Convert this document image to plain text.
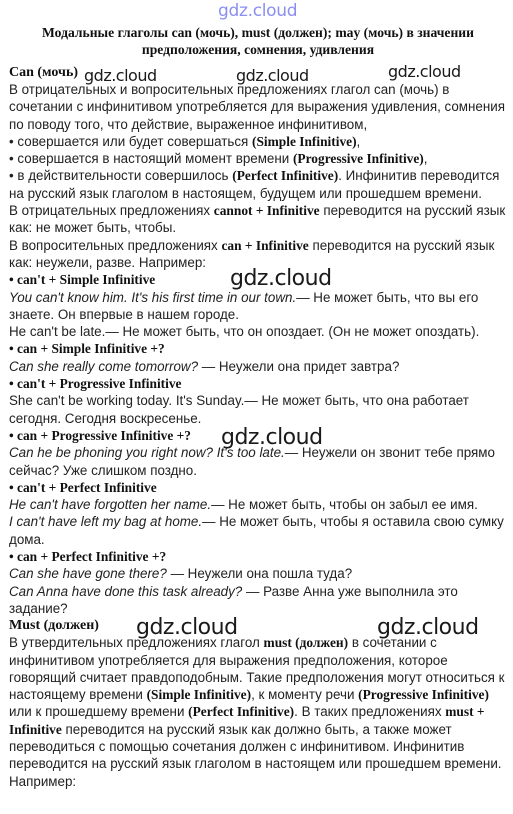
gdz.cloud
Модальные глаголы can (мочь), must (должен); may (мочь) в значении предположения, сомнения, удивления
Can (мочь)

В отрицательных и вопросительных предложениях глагол can (мочь) в сочетании с инфинитивом употребляется для выражения удивления, сомнения по поводу того, что действие, выраженное инфинитивом,

• совершается или будет совершаться (Simple Infinitive),

• совершается в настоящий момент времени (Progressive Infinitive),

• в действительности совершилось (Perfect Infinitive). Инфинитив переводится на русский язык глаголом в настоящем, будущем или прошедшем времени.

В отрицательных предложениях cannot + Infinitive переводится на русский язык как: не может быть, чтобы.

В вопросительных предложениях can + Infinitive переводится на русский язык как: неужели, разве. Например:

• can't + Simple Infinitive

You can't know him. It's his first time in our town.— Не может быть, что вы его знаете. Он впервые в нашем городе.

He can't be late.— Не может быть, что он опоздает. (Он не может опоздать).

• can + Simple Infinitive +?

Can she really come tomorrow? — Неужели она придет завтра?

• can't + Progressive Infinitive

She can't be working today. It's Sunday.— Не может быть, что она работает сегодня. Сегодня воскресенье.

• can + Progressive Infinitive +?

Can he be phoning you right now? It's too late.— Неужели он звонит тебе прямо сейчас? Уже слишком поздно.

• can't + Perfect Infinitive

He can't have forgotten her name.— Не может быть, чтобы он забыл ее имя.

I can't have left my bag at home.— Не может быть, чтобы я оставила свою сумку дома.

• can + Perfect Infinitive +?

Can she have gone there? — Неужели она пошла туда?

Can Anna have done this task already? — Разве Анна уже выполнила это задание?

Must (должен)

В утвердительных предложениях глагол must (должен) в сочетании с инфинитивом употребляется для выражения предположения, которое говорящий считает правдоподобным. Такие предположения могут относиться к настоящему времени (Simple Infinitive), к моменту речи (Progressive Infinitive) или к прошедшему времени (Perfect Infinitive). В таких предложениях must + Infinitive переводится на русский язык как должно быть, а также может переводиться с помощью сочетания должен с инфинитивом. Инфинитив переводится на русский язык глаголом в настоящем или прошедшем времени. Например:

gdz.cloud	gdz.cloud	gdz.cloud
gdz.cloud
gdz.cloud
gdz.cloud	gdz.cloud
